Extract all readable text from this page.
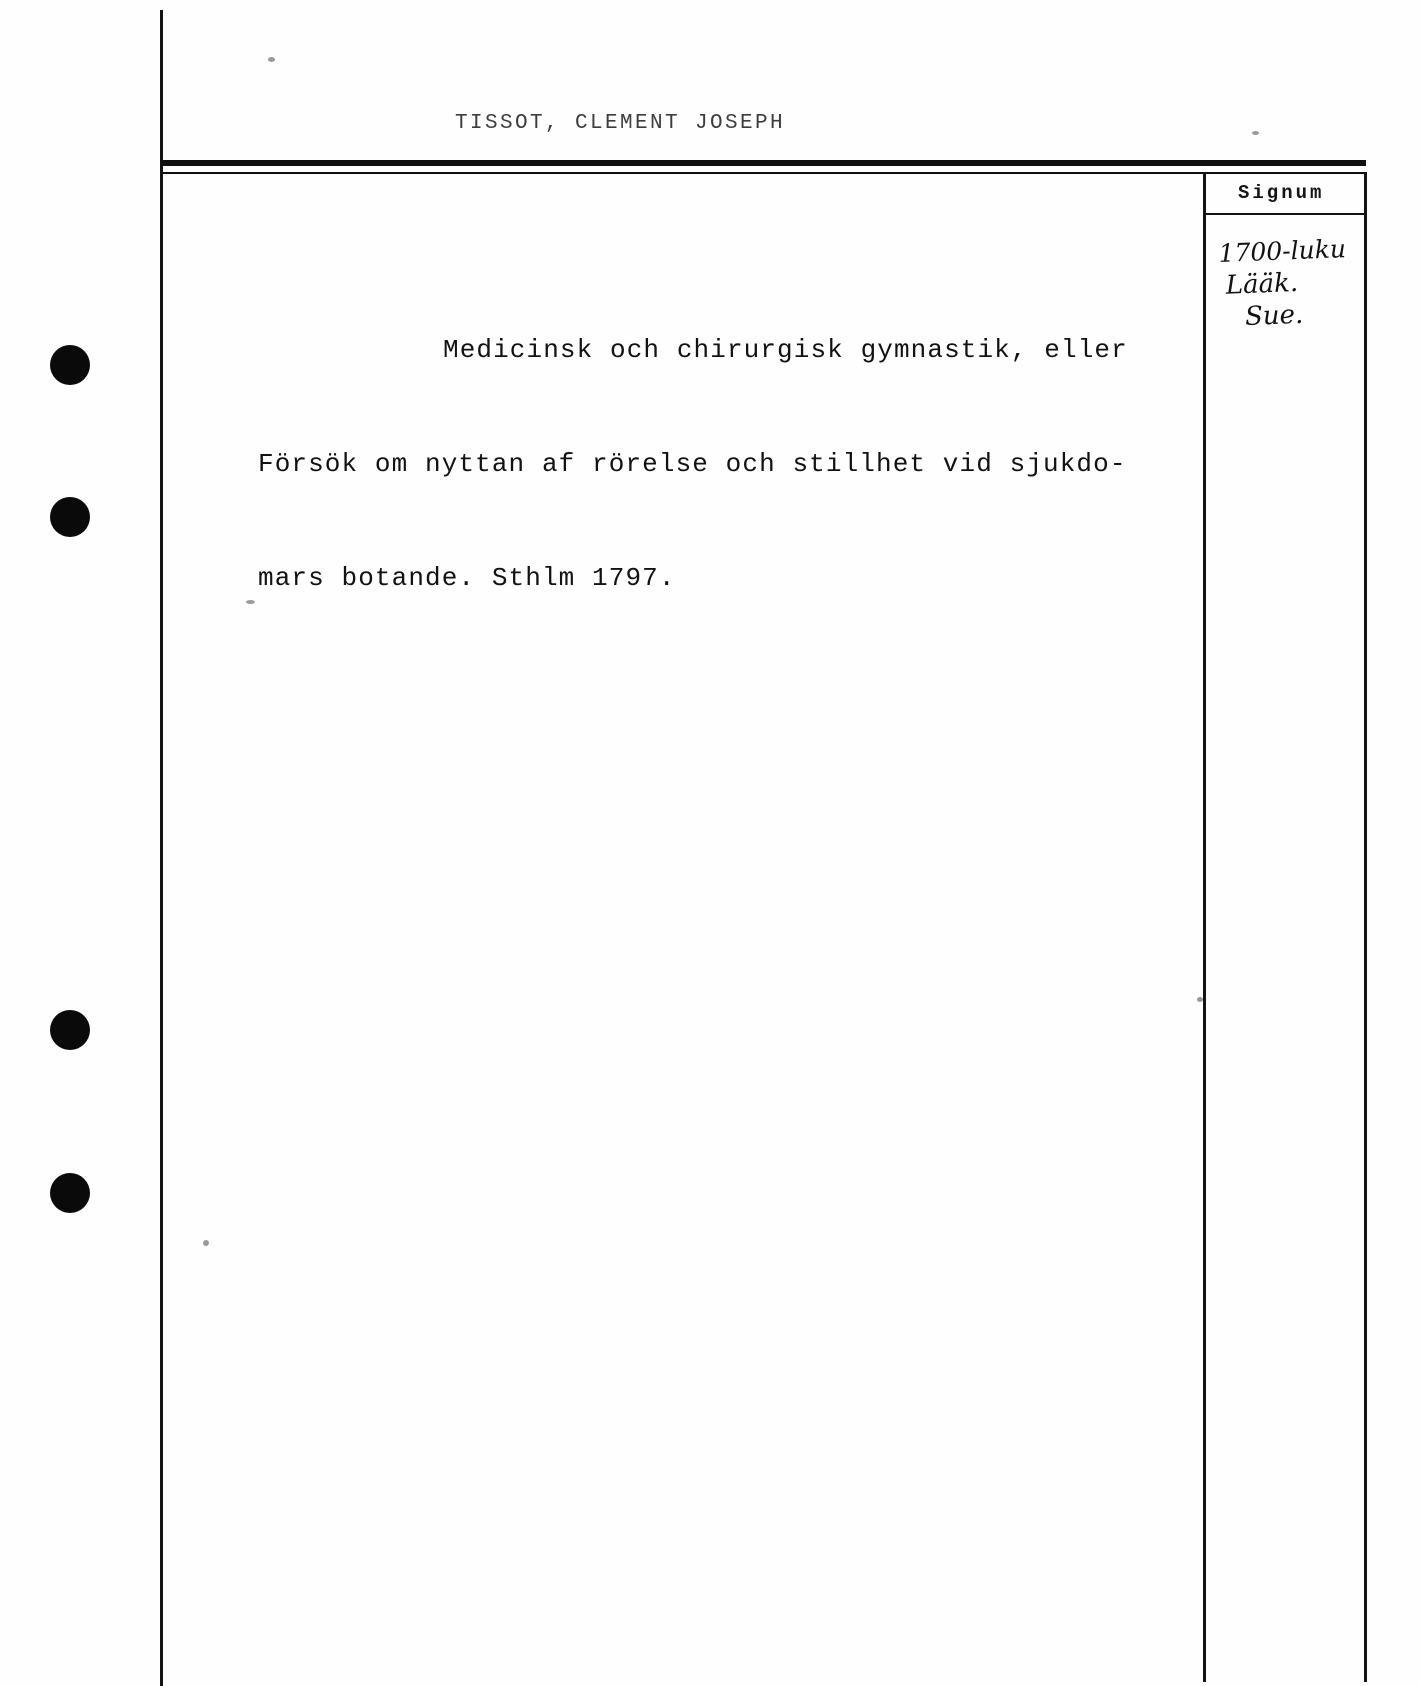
TISSOT, CLEMENT JOSEPH
Signum

Medicinsk och chirurgisk gymnastik, eller

Försök om nyttan af rörelse och stillhet vid sjukdo-

mars botande. Sthlm 1797.

1700-luku
Lääk.
Sue.
